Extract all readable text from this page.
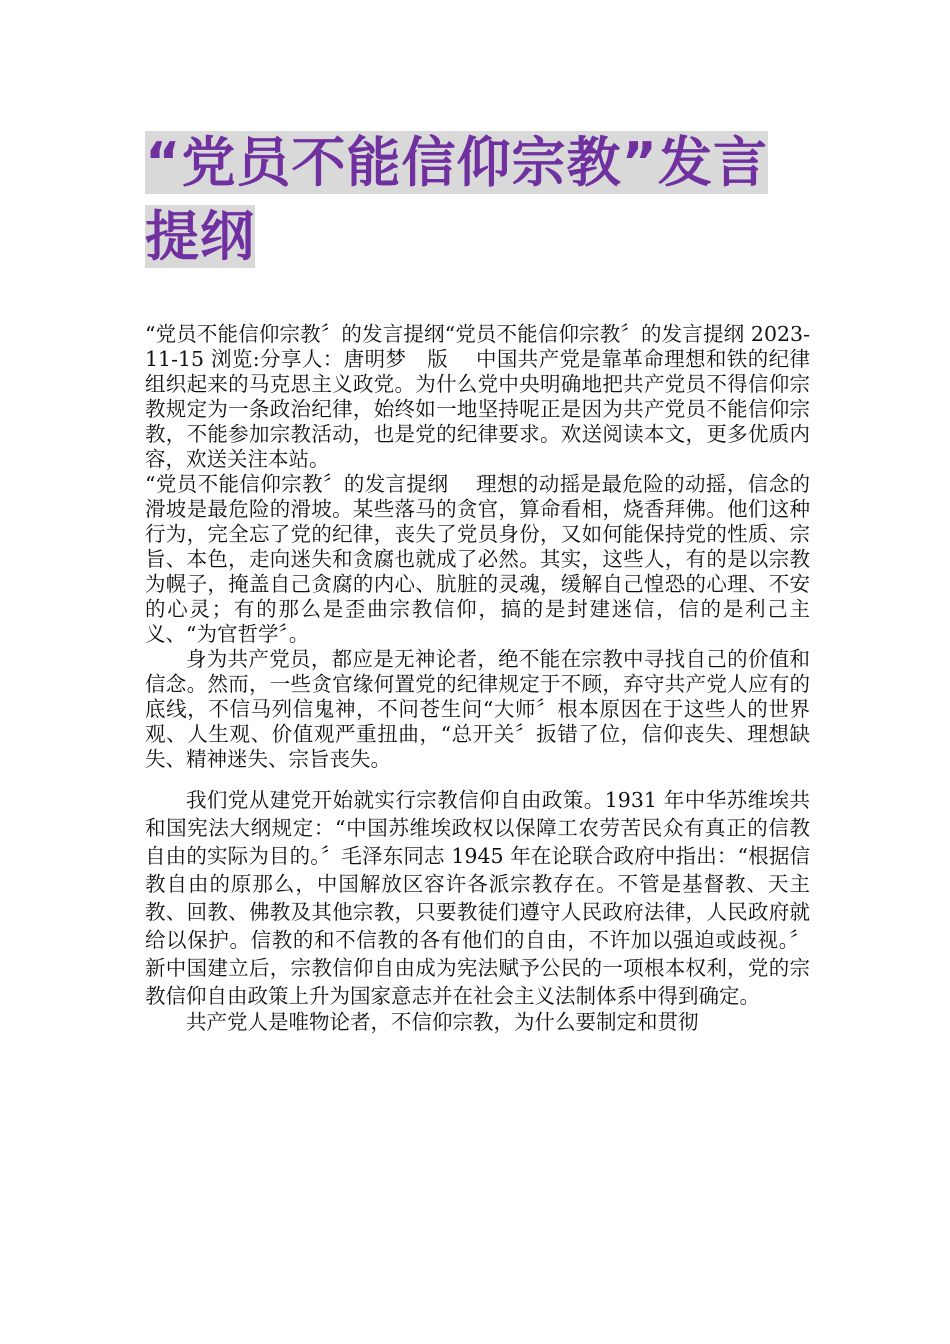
“党员不能信仰宗教”发言提纲

“党员不能信仰宗教〞的发言提纲“党员不能信仰宗教〞的发言提纲 2023-11-15 浏览:分享人：唐明梦　版　 中国共产党是靠革命理想和铁的纪律组织起来的马克思主义政党。为什么党中央明确地把共产党员不得信仰宗教规定为一条政治纪律，始终如一地坚持呢正是因为共产党员不能信仰宗教，不能参加宗教活动，也是党的纪律要求。欢送阅读本文，更多优质内容，欢送关注本站。

“党员不能信仰宗教〞的发言提纲　 理想的动摇是最危险的动摇，信念的滑坡是最危险的滑坡。某些落马的贪官，算命看相，烧香拜佛。他们这种行为，完全忘了党的纪律，丧失了党员身份，又如何能保持党的性质、宗旨、本色，走向迷失和贪腐也就成了必然。其实，这些人，有的是以宗教为幌子，掩盖自己贪腐的内心、肮脏的灵魂，缓解自己惶恐的心理、不安的心灵；有的那么是歪曲宗教信仰，搞的是封建迷信，信的是利己主义、“为官哲学〞。

身为共产党员，都应是无神论者，绝不能在宗教中寻找自己的价值和信念。然而，一些贪官缘何置党的纪律规定于不顾，弃守共产党人应有的底线，不信马列信鬼神，不问苍生问“大师〞根本原因在于这些人的世界观、人生观、价值观严重扭曲，“总开关〞扳错了位，信仰丧失、理想缺失、精神迷失、宗旨丧失。

我们党从建党开始就实行宗教信仰自由政策。1931 年中华苏维埃共和国宪法大纲规定：“中国苏维埃政权以保障工农劳苦民众有真正的信教自由的实际为目的。〞毛泽东同志 1945 年在论联合政府中指出：“根据信教自由的原那么，中国解放区容许各派宗教存在。不管是基督教、天主教、回教、佛教及其他宗教，只要教徒们遵守人民政府法律，人民政府就给以保护。信教的和不信教的各有他们的自由，不许加以强迫或歧视。〞新中国建立后，宗教信仰自由成为宪法赋予公民的一项根本权利，党的宗教信仰自由政策上升为国家意志并在社会主义法制体系中得到确定。

共产党人是唯物论者，不信仰宗教，为什么要制定和贯彻
